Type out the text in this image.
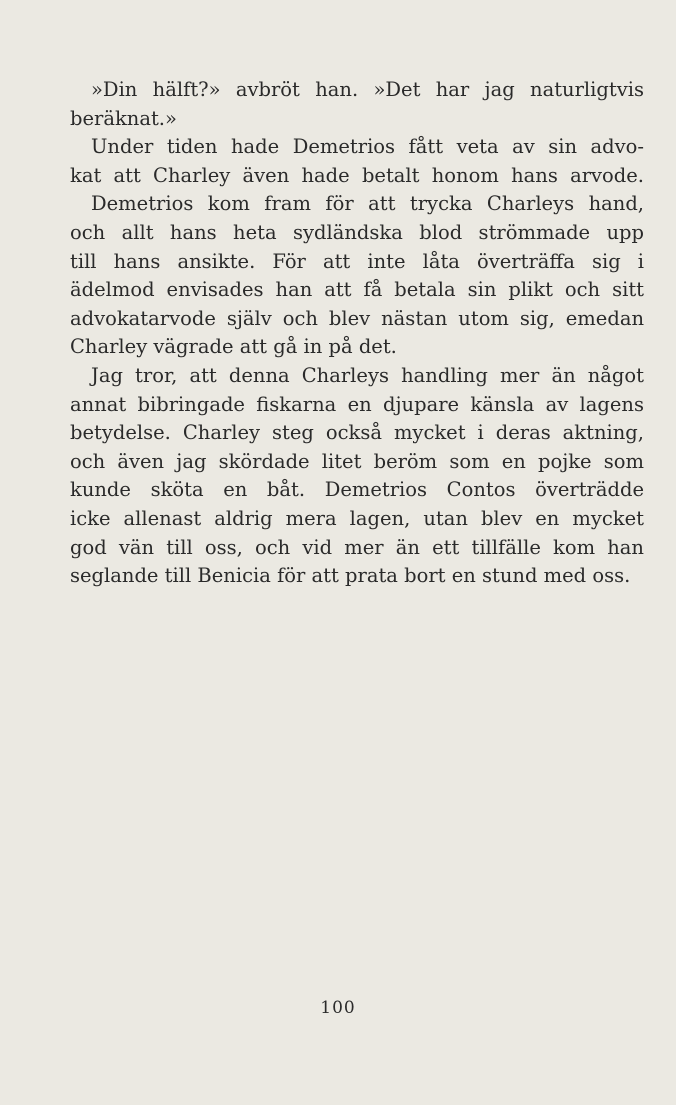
»Din hälft?» avbröt han. »Det har jag naturligtvis
beräknat.»
Under tiden hade Demetrios fått veta av sin advo-
kat att Charley även hade betalt honom hans arvode.
Demetrios kom fram för att trycka Charleys hand,
och allt hans heta sydländska blod strömmade upp
till hans ansikte. För att inte låta överträffa sig i
ädelmod envisades han att få betala sin plikt och sitt
advokatarvode själv och blev nästan utom sig, emedan
Charley vägrade att gå in på det.
Jag tror, att denna Charleys handling mer än något
annat bibringade fiskarna en djupare känsla av lagens
betydelse. Charley steg också mycket i deras aktning,
och även jag skördade litet beröm som en pojke som
kunde sköta en båt. Demetrios Contos överträdde
icke allenast aldrig mera lagen, utan blev en mycket
god vän till oss, och vid mer än ett tillfälle kom han
seglande till Benicia för att prata bort en stund med oss.
100
